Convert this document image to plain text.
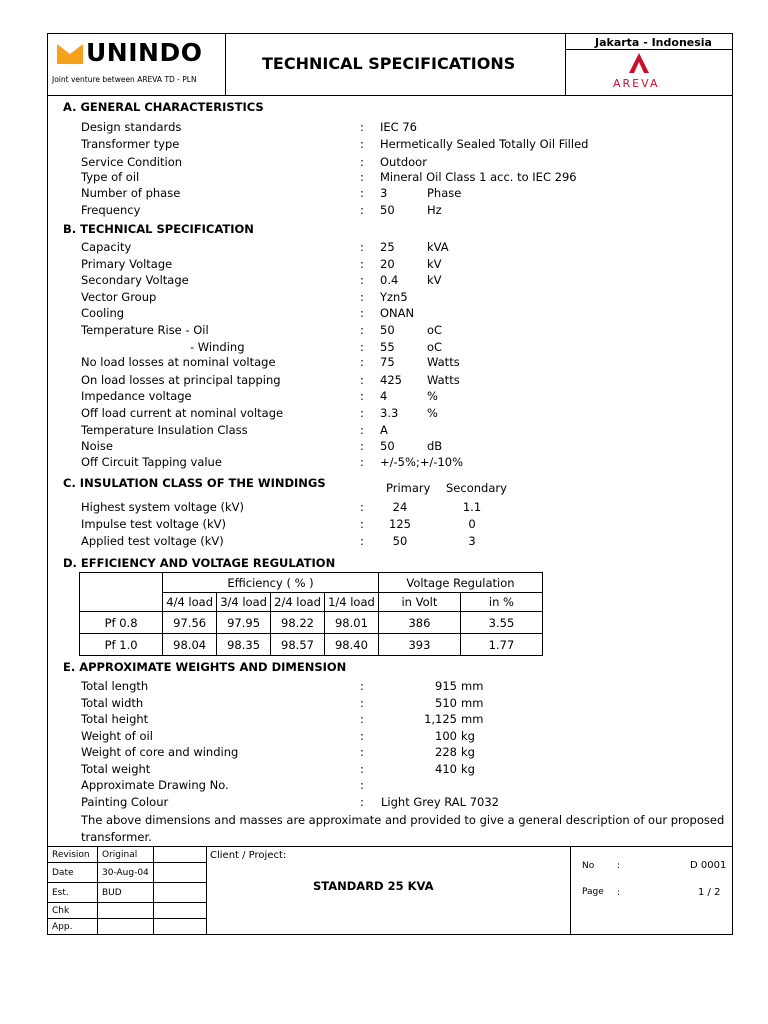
UNINDO
Joint venture between AREVA TD - PLN
TECHNICAL SPECIFICATIONS
Jakarta - Indonesia
AREVA
A. GENERAL CHARACTERISTICS
Design standards	: IEC 76
Transformer type	: Hermetically Sealed Totally Oil Filled
Service Condition	: Outdoor
Type of oil	: Mineral Oil Class 1 acc. to IEC 296
Number of phase	: 3	Phase
Frequency	: 50	Hz
B. TECHNICAL SPECIFICATION
Capacity	: 25	kVA
Primary Voltage	: 20	kV
Secondary Voltage	: 0.4 kV
Vector Group	: Yzn5
Cooling	: ONAN
Temperature Rise - Oil	: 50	oC
- Winding	: 55	oC
No load losses at nominal voltage	: 75	Watts
On load losses at principal tapping	: 425 Watts
Impedance voltage	: 4	%
Off load current at nominal voltage	: 3.3 %
Temperature Insulation Class	: A
Noise	: 50	dB
Off Circuit Tapping value	: +/-5%;+/-10%
C. INSULATION CLASS OF THE WINDINGS	Primary Secondary
Highest system voltage (kV)	:	24	1.1
Impulse test voltage (kV)	:	125	0
Applied test voltage (kV)	:	50	3
D. EFFICIENCY AND VOLTAGE REGULATION
	Efficiency ( % )				Voltage Regulation	
	4/4 load	3/4 load	2/4 load	1/4 load	in Volt	in %
Pf 0.8	97.56	97.95	98.22	98.01	386	3.55
Pf 1.0	98.04	98.35	98.57	98.40	393	1.77
E. APPROXIMATE WEIGHTS AND DIMENSION
Total length	:	915 mm
Total width	:	510 mm
Total height	:	1,125 mm
Weight of oil	:	100 kg
Weight of core and winding	:	228 kg
Total weight	:	410 kg
Approximate Drawing No.	:
Painting Colour	: Light Grey RAL 7032
The above dimensions and masses are approximate and provided to give a general description of our proposed
transformer.
Revision	Original	
Date	30-Aug-04	
Est.	BUD	
Chk		
App.		
Client / Project:
STANDARD 25 KVA
No	:	D 0001
Page :	1 / 2
